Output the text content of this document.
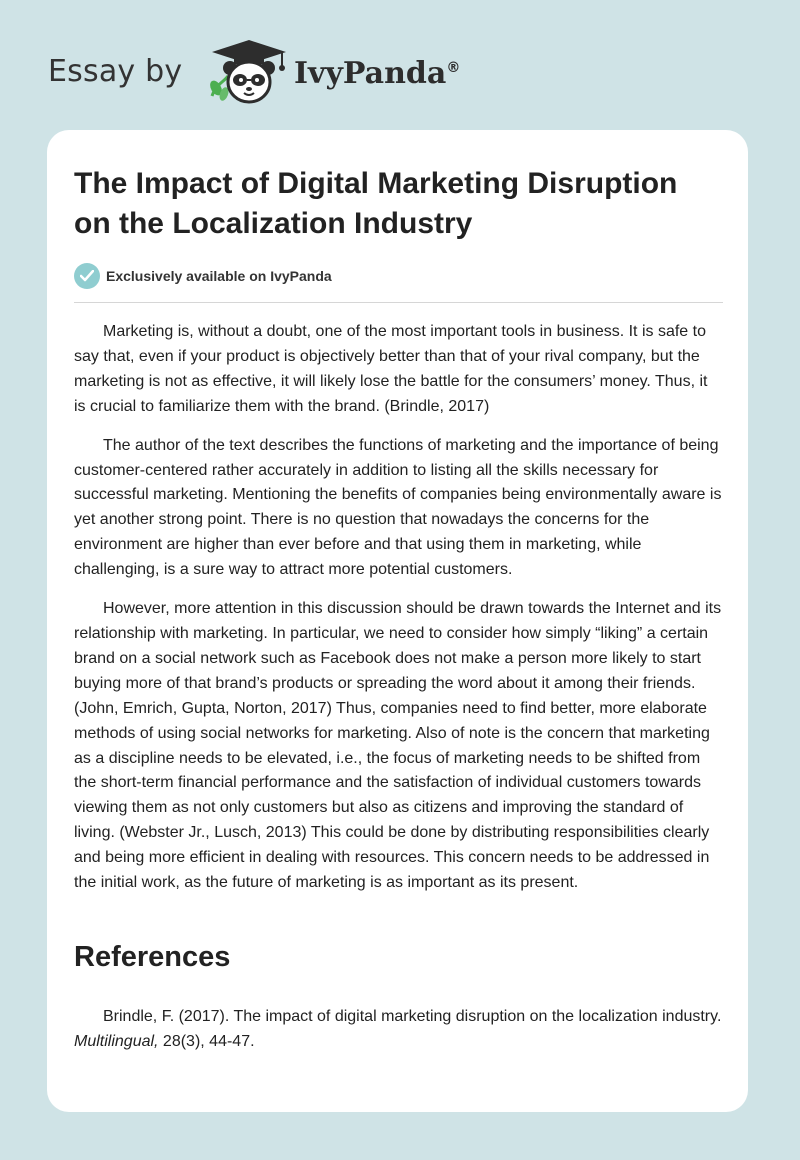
Essay by	IvyPanda®
The Impact of Digital Marketing Disruption on the Localization Industry
Exclusively available on IvyPanda

Marketing is, without a doubt, one of the most important tools in business. It is safe to say that, even if your product is objectively better than that of your rival company, but the marketing is not as effective, it will likely lose the battle for the consumers’ money. Thus, it is crucial to familiarize them with the brand. (Brindle, 2017)

The author of the text describes the functions of marketing and the importance of being customer-centered rather accurately in addition to listing all the skills necessary for successful marketing. Mentioning the benefits of companies being environmentally aware is yet another strong point. There is no question that nowadays the concerns for the environment are higher than ever before and that using them in marketing, while challenging, is a sure way to attract more potential customers.

However, more attention in this discussion should be drawn towards the Internet and its relationship with marketing. In particular, we need to consider how simply “liking” a certain brand on a social network such as Facebook does not make a person more likely to start buying more of that brand’s products or spreading the word about it among their friends. (John, Emrich, Gupta, Norton, 2017) Thus, companies need to find better, more elaborate methods of using social networks for marketing. Also of note is the concern that marketing as a discipline needs to be elevated, i.e., the focus of marketing needs to be shifted from the short-term financial performance and the satisfaction of individual customers towards viewing them as not only customers but also as citizens and improving the standard of living. (Webster Jr., Lusch, 2013) This could be done by distributing responsibilities clearly and being more efficient in dealing with resources. This concern needs to be addressed in the initial work, as the future of marketing is as important as its present.

References

Brindle, F. (2017). The impact of digital marketing disruption on the localization industry. Multilingual, 28(3), 44-47.
